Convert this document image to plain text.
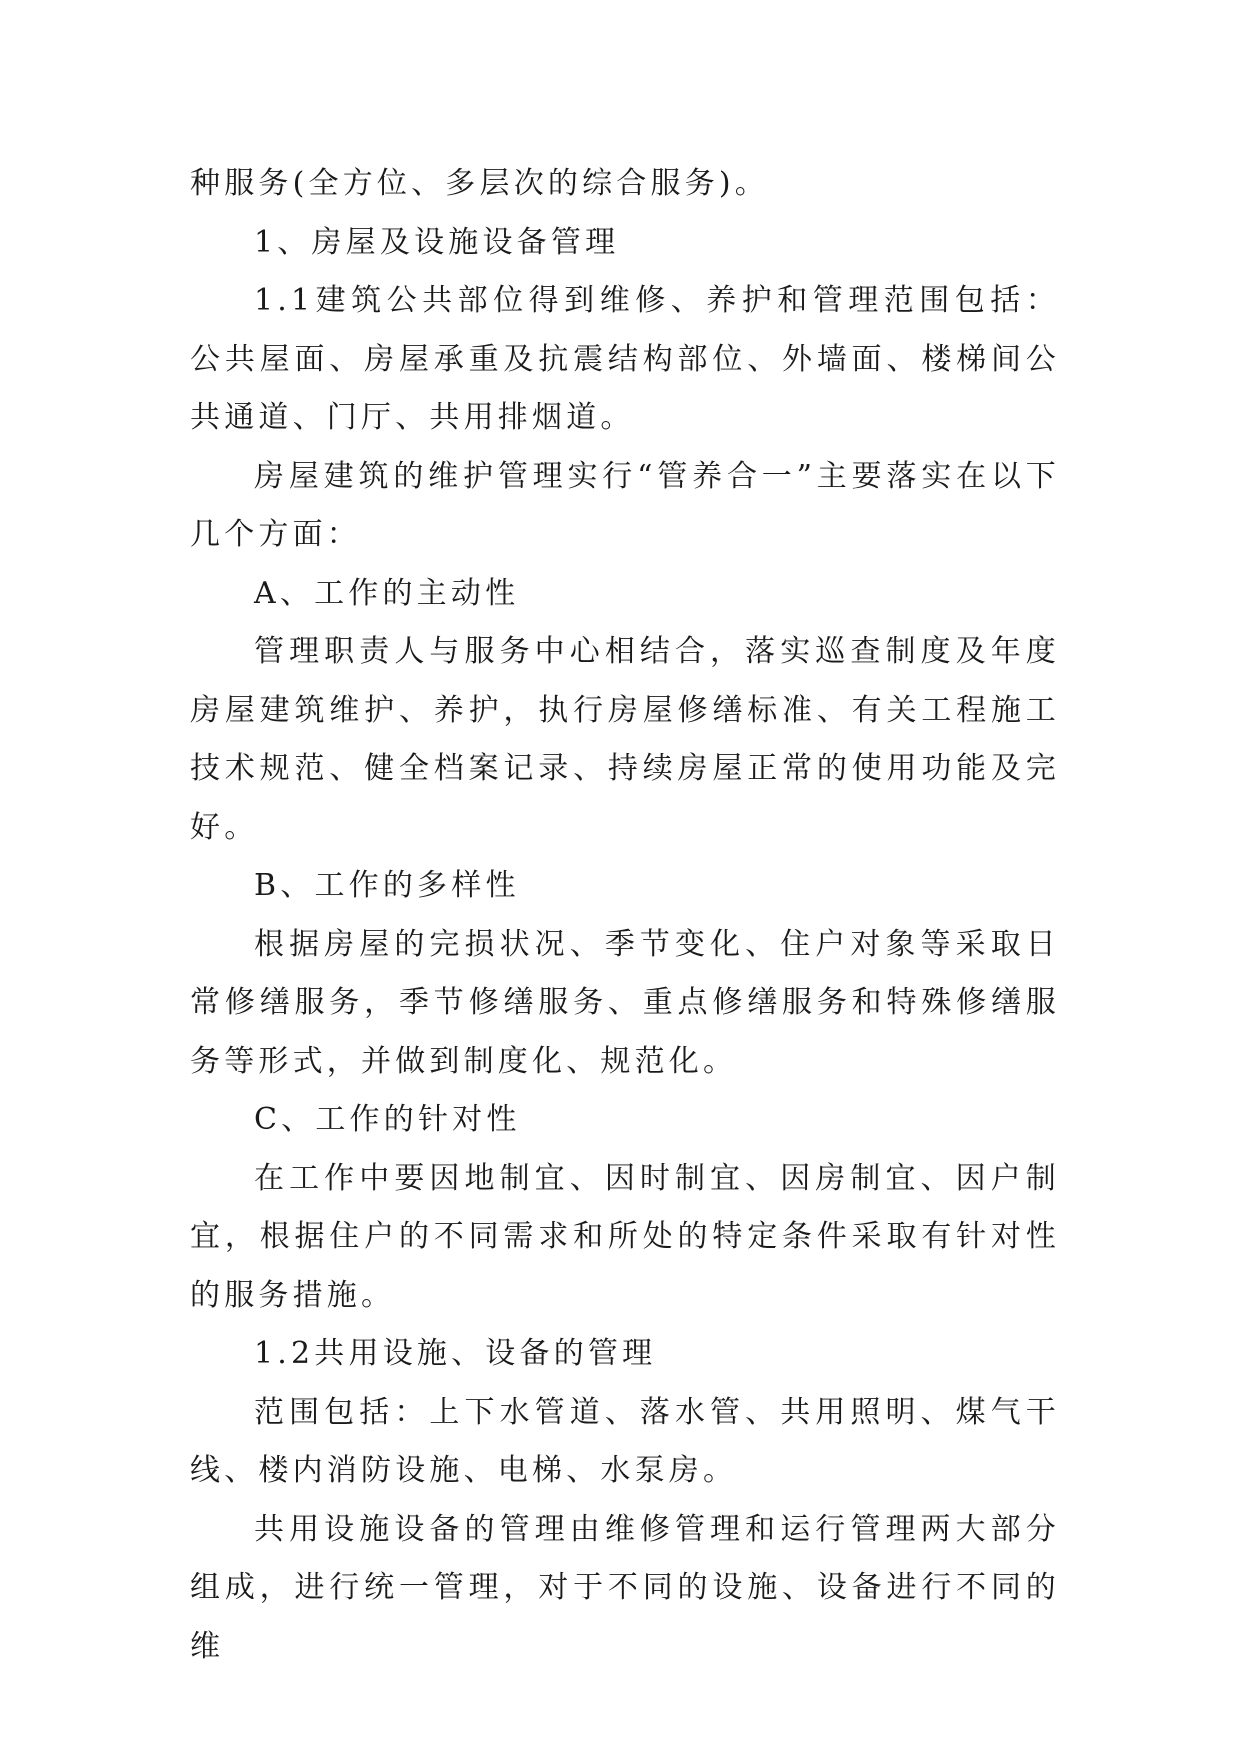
种服务(全方位、多层次的综合服务)。

1、房屋及设施设备管理

1.1建筑公共部位得到维修、养护和管理范围包括：公共屋面、房屋承重及抗震结构部位、外墙面、楼梯间公共通道、门厅、共用排烟道。

房屋建筑的维护管理实行“管养合一”主要落实在以下几个方面：

A、工作的主动性

管理职责人与服务中心相结合，落实巡查制度及年度房屋建筑维护、养护，执行房屋修缮标准、有关工程施工技术规范、健全档案记录、持续房屋正常的使用功能及完好。

B、工作的多样性

根据房屋的完损状况、季节变化、住户对象等采取日常修缮服务，季节修缮服务、重点修缮服务和特殊修缮服务等形式，并做到制度化、规范化。

C、工作的针对性

在工作中要因地制宜、因时制宜、因房制宜、因户制宜，根据住户的不同需求和所处的特定条件采取有针对性的服务措施。

1.2共用设施、设备的管理

范围包括：上下水管道、落水管、共用照明、煤气干线、楼内消防设施、电梯、水泵房。

共用设施设备的管理由维修管理和运行管理两大部分组成，进行统一管理，对于不同的设施、设备进行不同的维
